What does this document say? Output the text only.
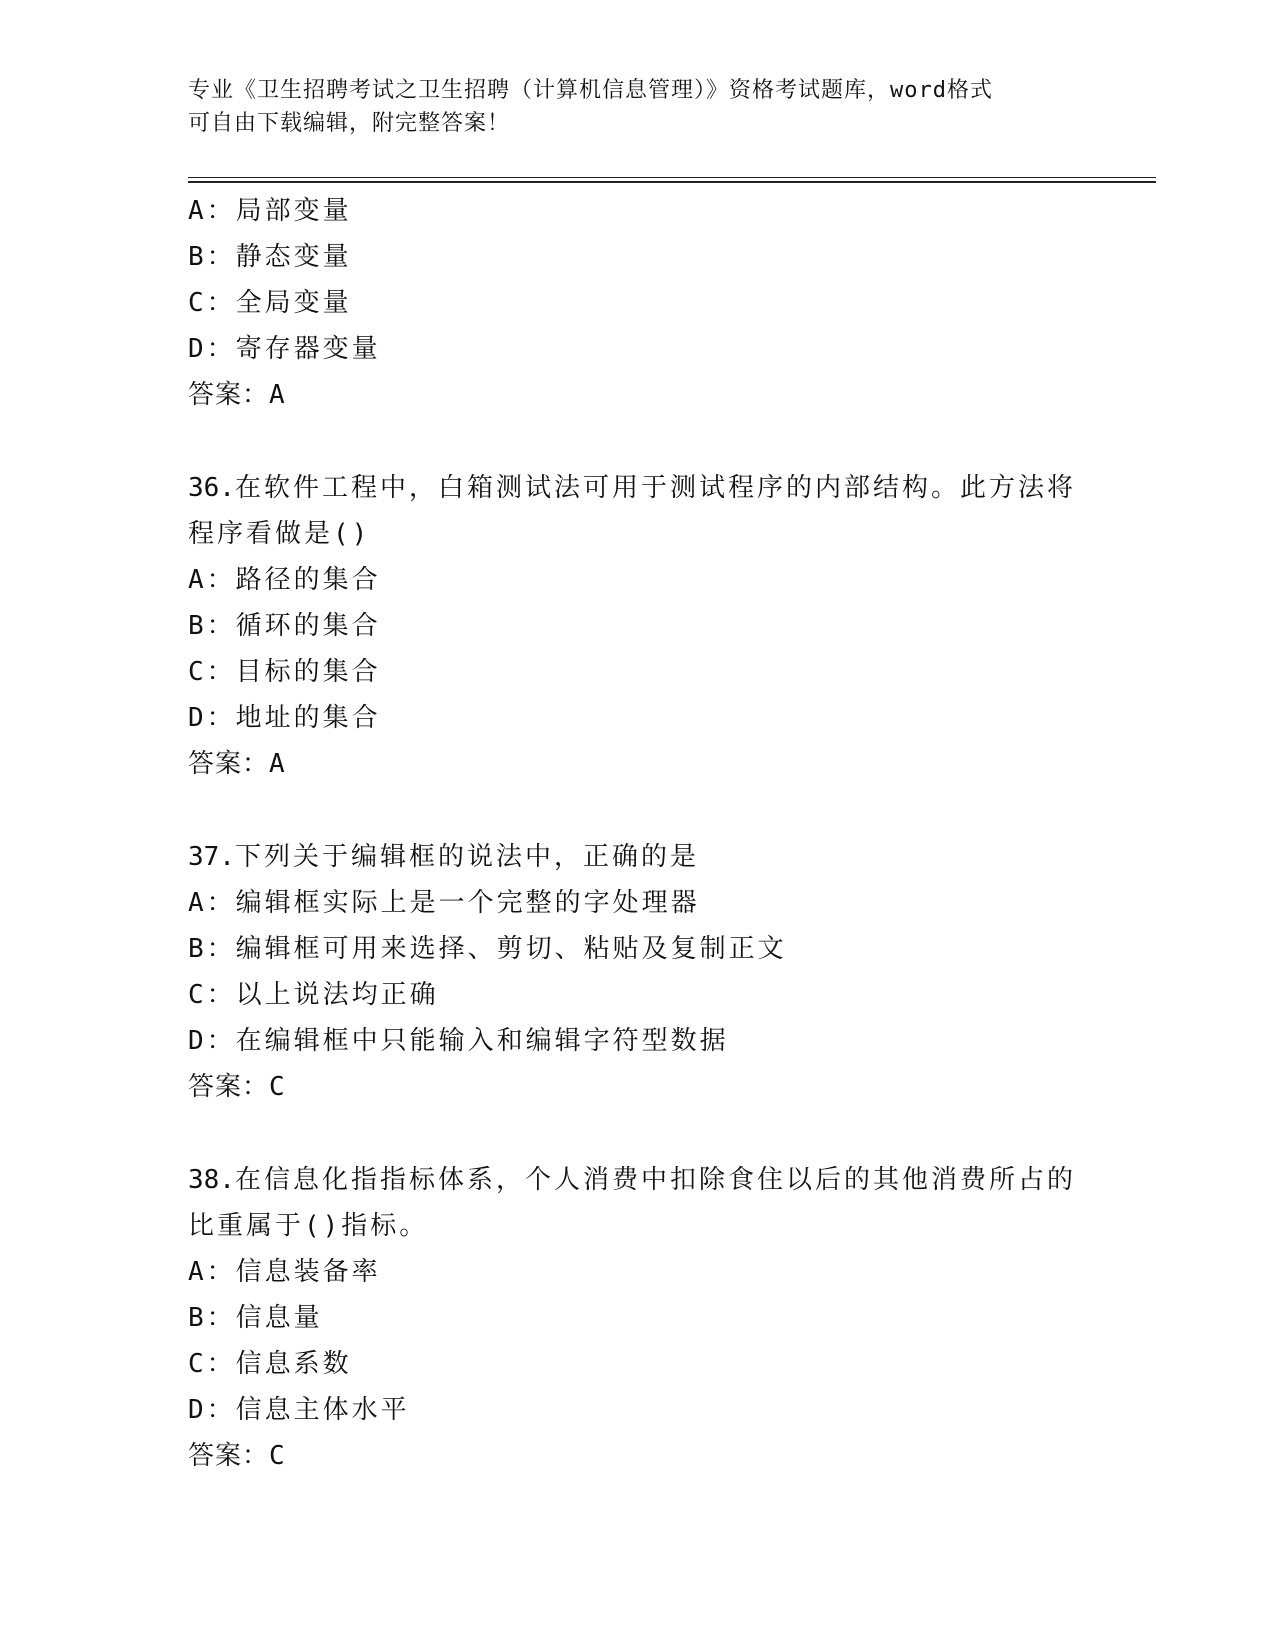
专业《卫生招聘考试之卫生招聘（计算机信息管理）》资格考试题库，word格式
可自由下载编辑，附完整答案！
A：局部变量
B：静态变量
C：全局变量
D：寄存器变量
答案：A
36.在软件工程中，白箱测试法可用于测试程序的内部结构。此方法将
程序看做是()
A：路径的集合
B：循环的集合
C：目标的集合
D：地址的集合
答案：A
37.下列关于编辑框的说法中，正确的是
A：编辑框实际上是一个完整的字处理器
B：编辑框可用来选择、剪切、粘贴及复制正文
C：以上说法均正确
D：在编辑框中只能输入和编辑字符型数据
答案：C
38.在信息化指指标体系，个人消费中扣除食住以后的其他消费所占的
比重属于()指标。
A：信息装备率
B：信息量
C：信息系数
D：信息主体水平
答案：C
